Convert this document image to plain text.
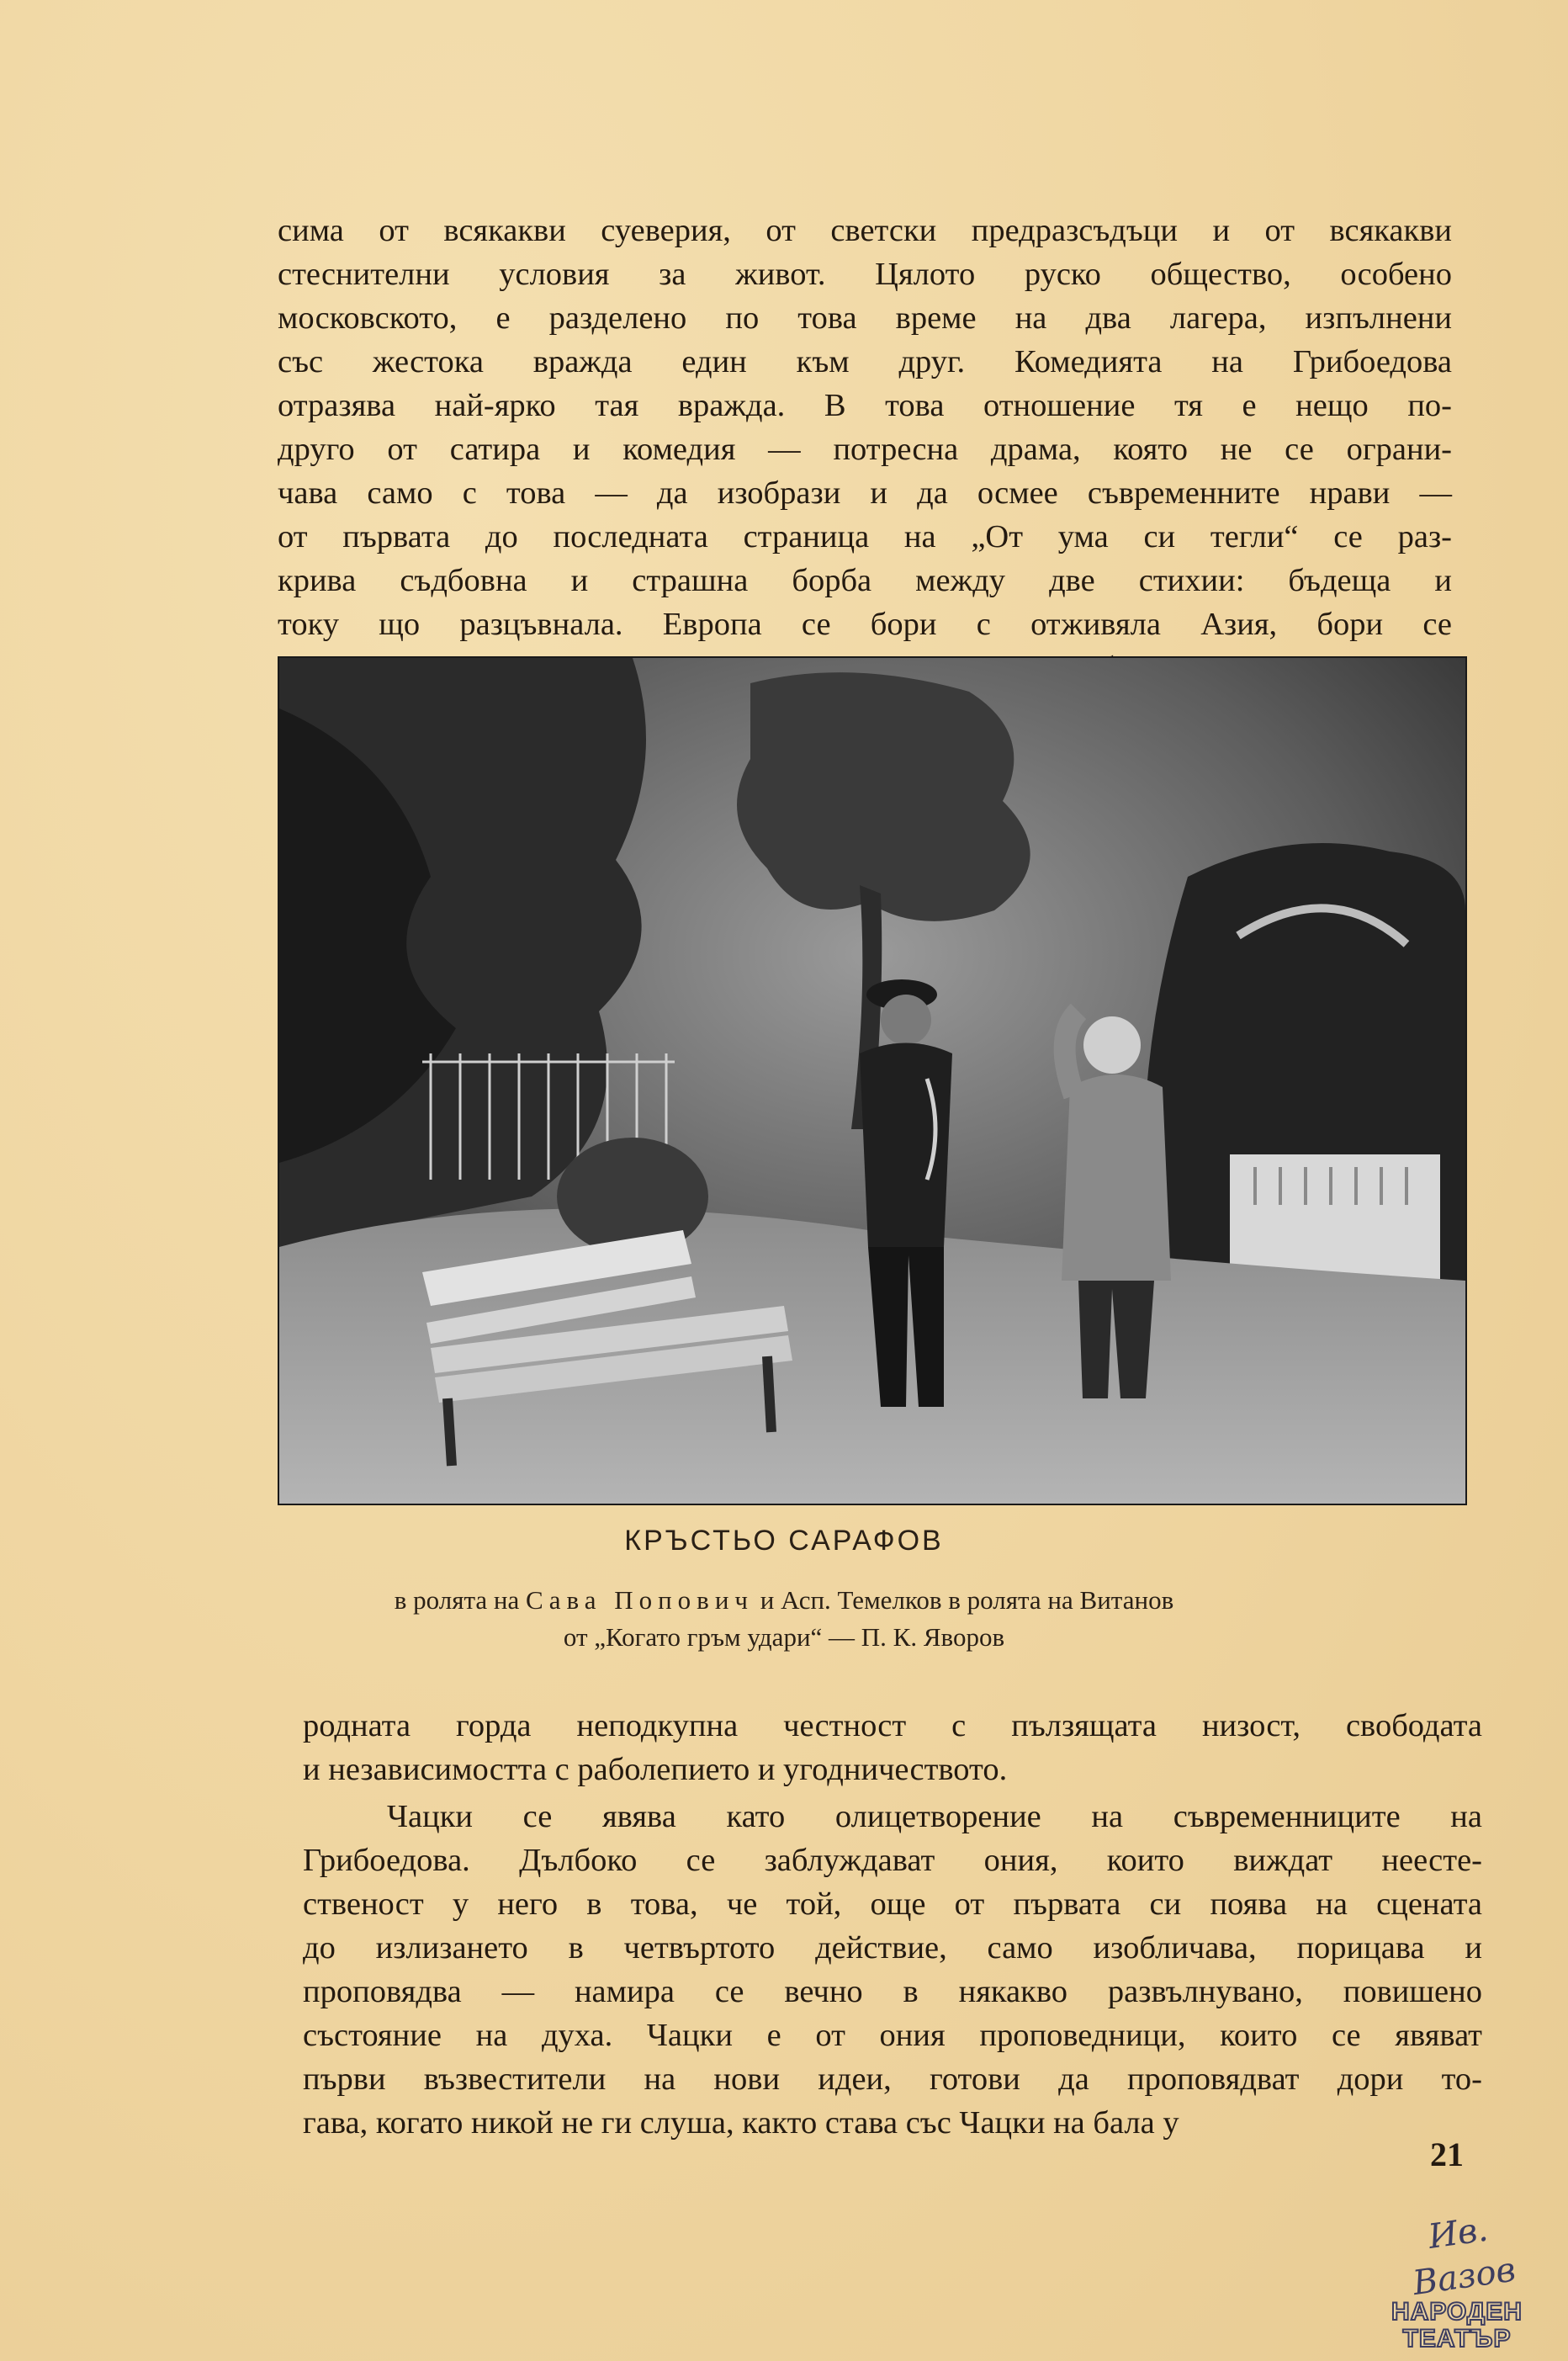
сима от всякакви суеверия, от светски предразсъдъци и от всякакви
стеснителни условия за живот. Цялото руско общество, особено
московското, е разделено по това време на два лагера, изпълнени
със жестока вражда един към друг. Комедията на Грибоедова
отразява най-ярко тая вражда. В това отношение тя е нещо по-
друго от сатира и комедия — потресна драма, която не се ограни-
чава само с това — да изобрази и да осмее съвременните нрави —
от първата до последната страница на „От ума си тегли“ се раз-
крива съдбовна и страшна борба между две стихии: бъдеща и
току що разцъвнала. Европа се бори с отживяла Азия, бори се
КРЪСТЬО САРАФОВ
в ролята на Сава Попович и Асп. Темелков в ролята на Витанов
от „Когато гръм удари“ — П. К. Яворов
родната горда неподкупна честност с пълзящата низост, свободата
и независимостта с раболепието и угодничеството.
Чацки се явява като олицетворение на съвременниците на
Грибоедова. Дълбоко се заблуждават ония, които виждат неесте-
ственост у него в това, че той, още от първата си поява на сцената
до излизането в четвъртото действие, само изобличава, порицава и
проповядва — намира се вечно в някакво развълнувано, повишено
състояние на духа. Чацки е от ония проповедници, които се явяват
първи възвестители на нови идеи, готови да проповядват дори то-
гава, когато никой не ги слуша, както става със Чацки на бала у
21
Ив. Вазов
НАРОДЕН
ТЕАТЪР
